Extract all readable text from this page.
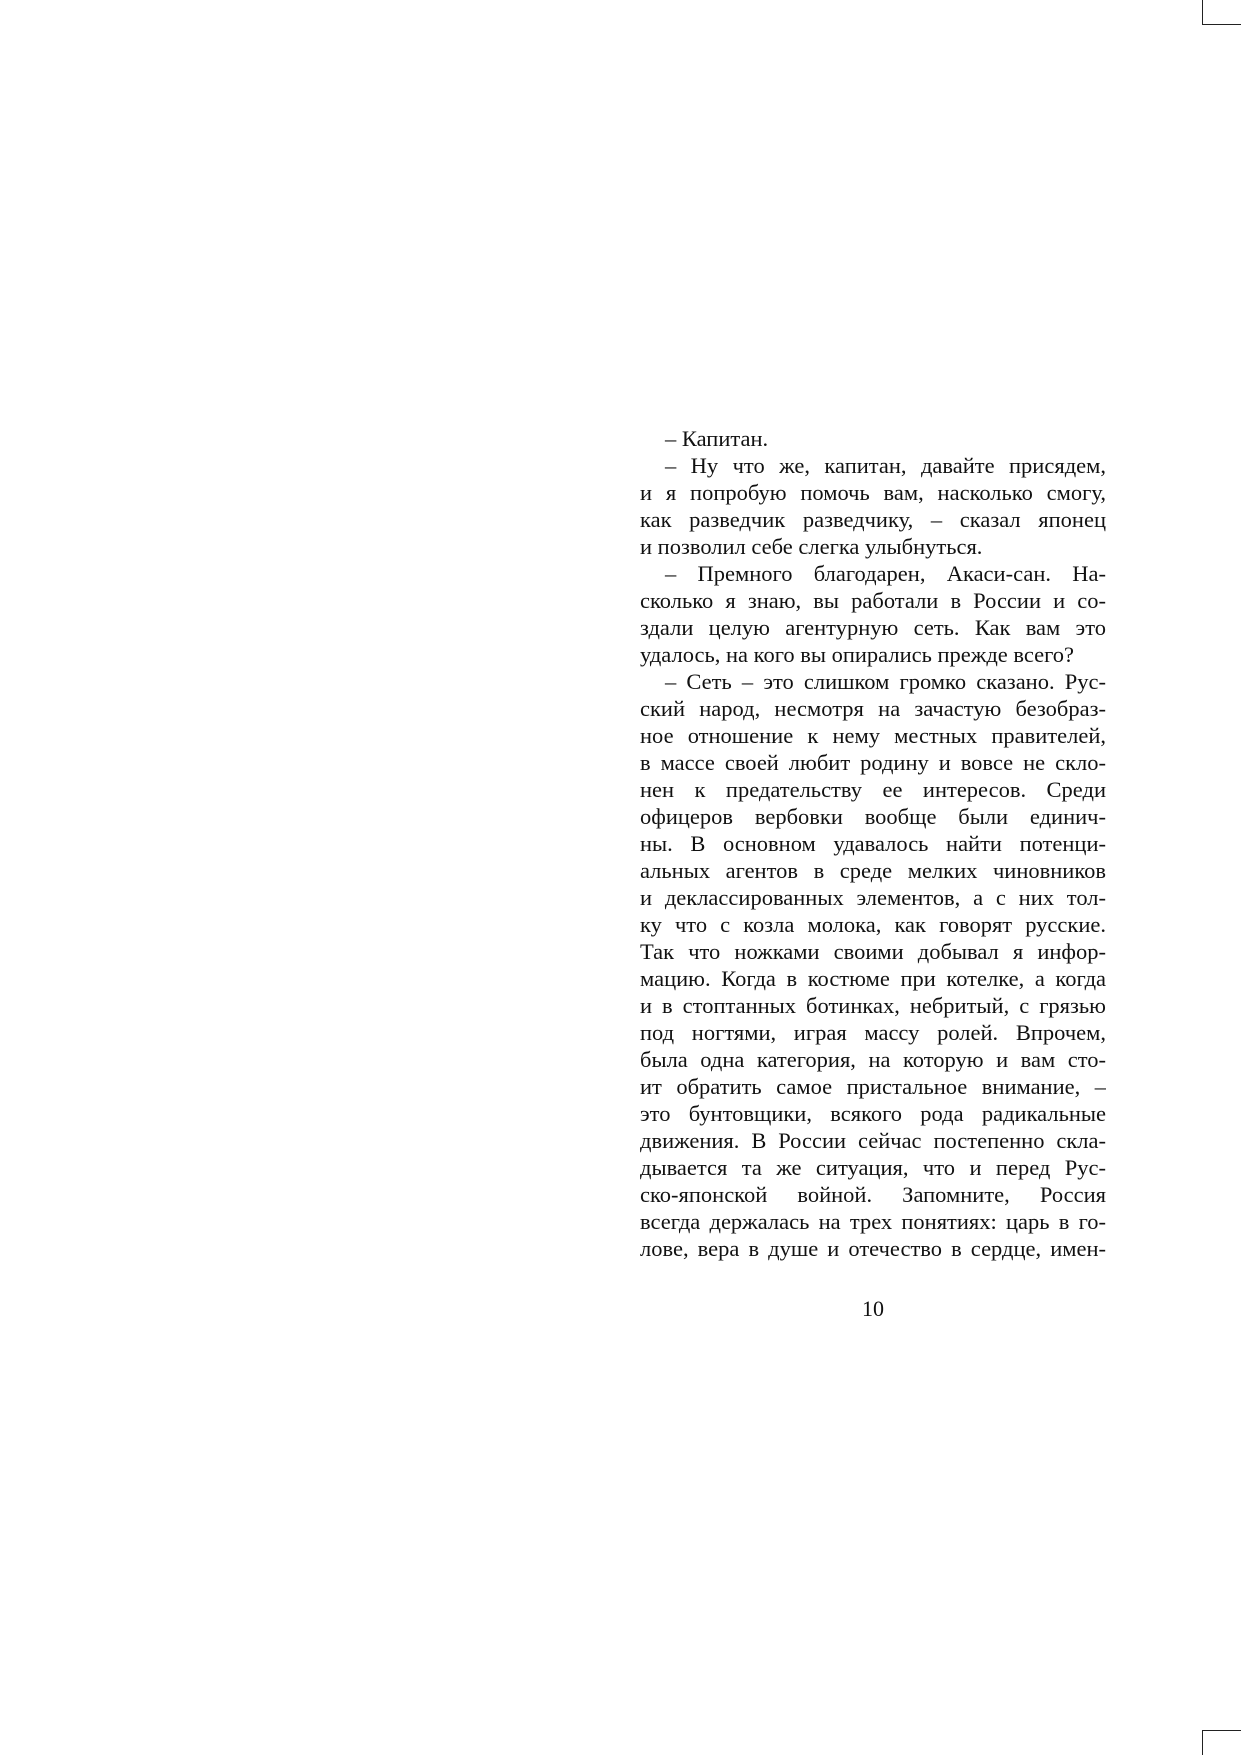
– Капитан.
– Ну что же, капитан, давайте присядем,
и я попробую помочь вам, насколько смогу,
как разведчик разведчику, – сказал японец
и позволил себе слегка улыбнуться.
– Премного благодарен, Акаси-сан. На-
сколько я знаю, вы работали в России и со-
здали целую агентурную сеть. Как вам это
удалось, на кого вы опирались прежде всего?
– Сеть – это слишком громко сказано. Рус-
ский народ, несмотря на зачастую безобраз-
ное отношение к нему местных правителей,
в массе своей любит родину и вовсе не скло-
нен к предательству ее интересов. Среди
офицеров вербовки вообще были единич-
ны. В основном удавалось найти потенци-
альных агентов в среде мелких чиновников
и деклассированных элементов, а с них тол-
ку что с козла молока, как говорят русские.
Так что ножками своими добывал я инфор-
мацию. Когда в костюме при котелке, а когда
и в стоптанных ботинках, небритый, с грязью
под ногтями, играя массу ролей. Впрочем,
была одна категория, на которую и вам сто-
ит обратить самое пристальное внимание, –
это бунтовщики, всякого рода радикальные
движения. В России сейчас постепенно скла-
дывается та же ситуация, что и перед Рус-
ско-японской войной. Запомните, Россия
всегда держалась на трех понятиях: царь в го-
лове, вера в душе и отечество в сердце, имен-
10
